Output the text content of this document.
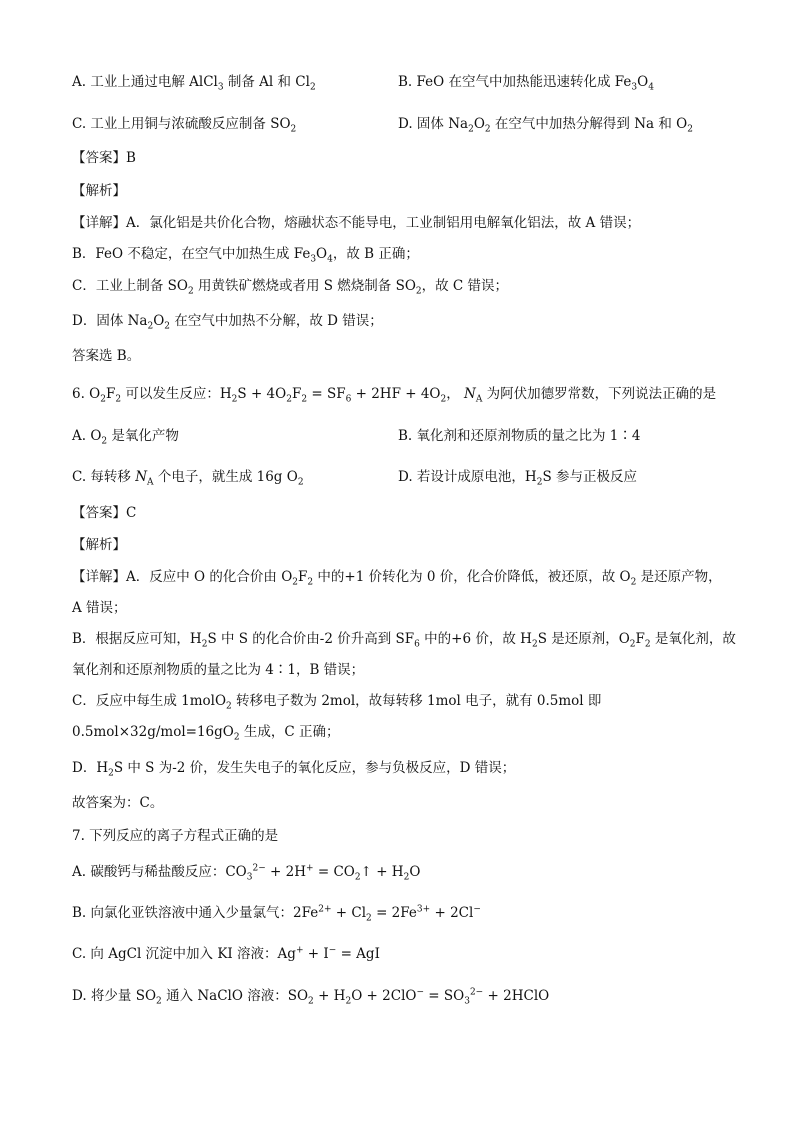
A. 工业上通过电解 AlCl$_3$ 制备 Al 和 $Cl_2$	B. FeO 在空气中加热能迅速转化成 $Fe_3O_4$
C. 工业上用铜与浓硫酸反应制备 $SO_2$	D. 固体 $Na_2O_2$ 在空气中加热分解得到 Na 和 $O_2$
【答案】B
【解析】
【详解】A．氯化铝是共价化合物，熔融状态不能导电，工业制铝用电解氧化铝法，故 A 错误；
B．FeO 不稳定，在空气中加热生成 $Fe_3O_4$，故 B 正确；
C．工业上制备 $SO_2$ 用黄铁矿燃烧或者用 S 燃烧制备 $SO_2$，故 C 错误；
D．固体 $Na_2O_2$ 在空气中加热不分解，故 D 错误；
答案选 B。
6. $O_2F_2$ 可以发生反应：$H_2S + 4O_2F_2 = SF_6 + 2HF + 4O_2$， $N_A$ 为阿伏加德罗常数，下列说法正确的是
A. $O_2$ 是氧化产物	B. 氧化剂和还原剂物质的量之比为 1∶4
C. 每转移 $N_A$ 个电子，就生成 16g $O_2$	D. 若设计成原电池，$H_2S$ 参与正极反应
【答案】C
【解析】
【详解】A．反应中 O 的化合价由 $O_2F_2$ 中的+1 价转化为 0 价，化合价降低，被还原，故 $O_2$ 是还原产物，
A 错误；
B．根据反应可知，$H_2S$ 中 S 的化合价由-2 价升高到 $SF_6$ 中的+6 价，故 $H_2S$ 是还原剂，$O_2F_2$ 是氧化剂，故
氧化剂和还原剂物质的量之比为 4∶1，B 错误；
C．反应中每生成 1molO$_2$ 转移电子数为 2mol，故每转移 1mol 电子，就有 0.5mol 即
$0.5mol\times 32g/mol=16gO_2$ 生成，C 正确；
D．$H_2S$ 中 S 为-2 价，发生失电子的氧化反应，参与负极反应，D 错误；
故答案为：C。
7. 下列反应的离子方程式正确的是
A. 碳酸钙与稀盐酸反应：$CO_3^{2-} + 2H^+$ = $CO_2↑ + H_2O$
B. 向氯化亚铁溶液中通入少量氯气：$2Fe^{2+} + Cl_2 = 2Fe^{3+} + 2Cl^-$
C. 向 AgCl 沉淀中加入 KI 溶液：Ag+ + I− = AgI
D. 将少量 $SO_2$ 通入 NaClO 溶液：$SO_2 + H_2O + 2ClO^- = SO_3^{2-}$ + 2HClO
